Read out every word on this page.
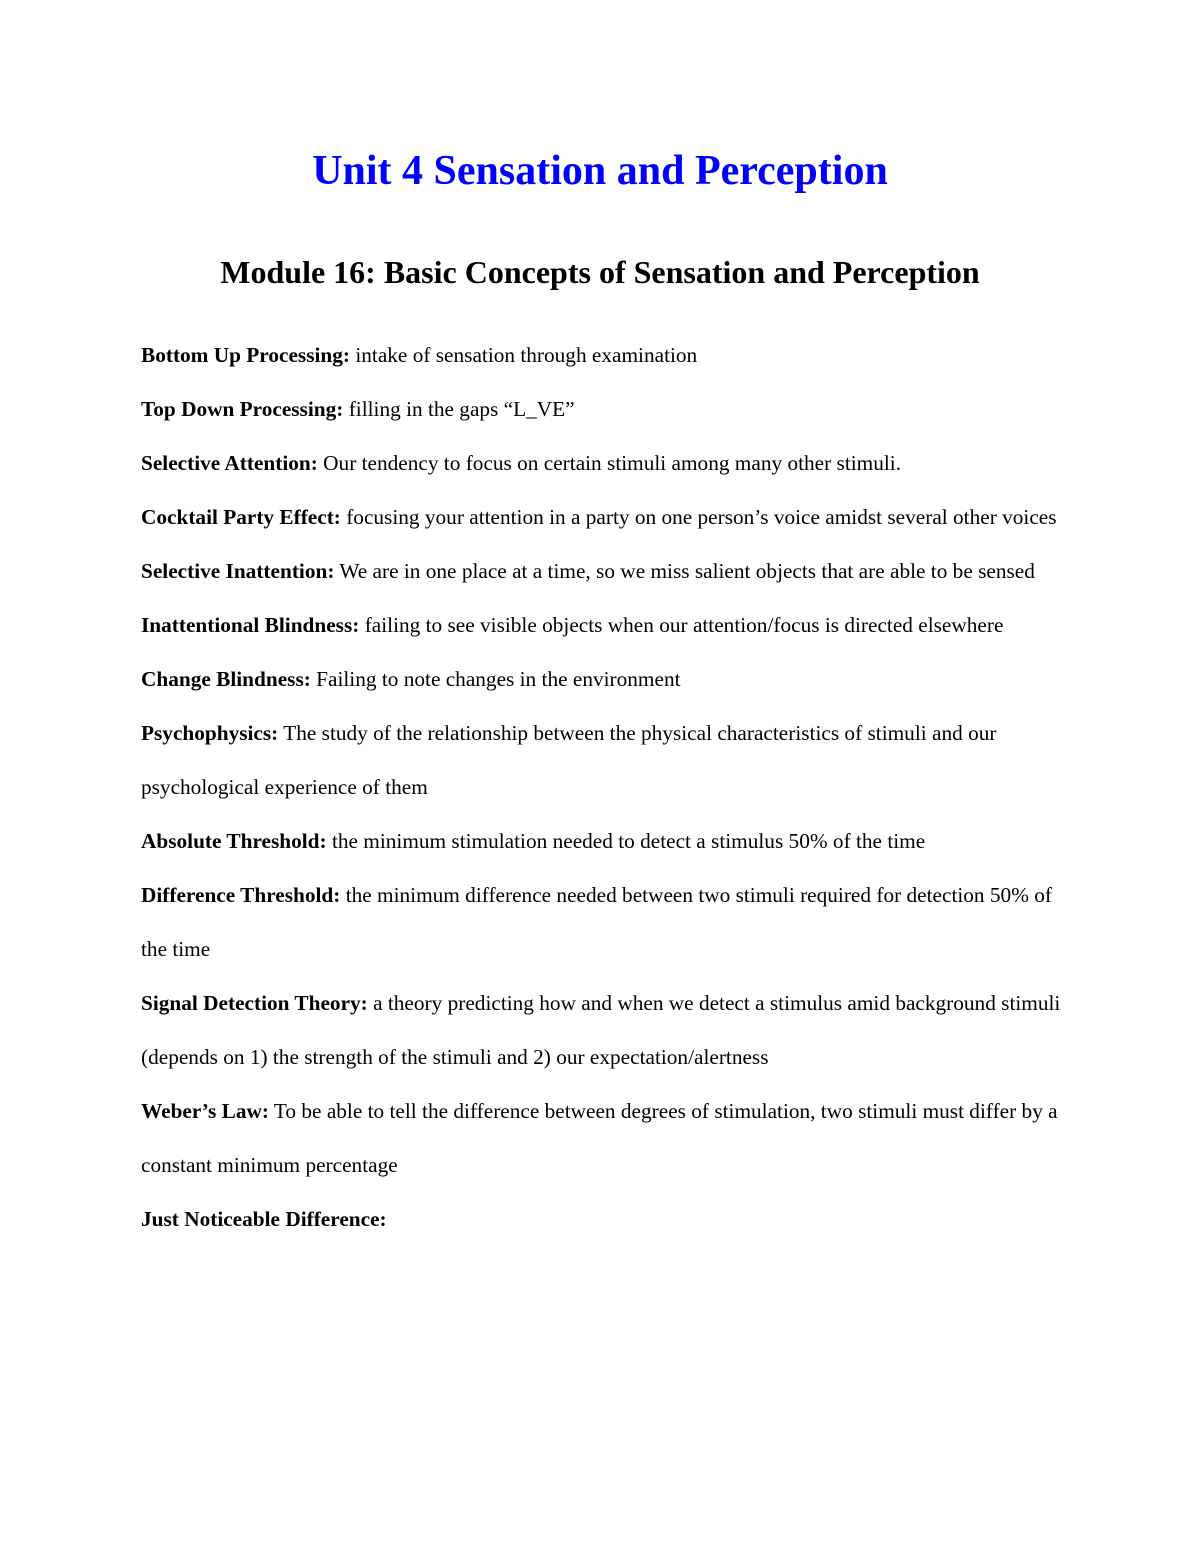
Unit 4 Sensation and Perception
Module 16: Basic Concepts of Sensation and Perception
Bottom Up Processing: intake of sensation through examination
Top Down Processing: filling in the gaps “L_VE”
Selective Attention: Our tendency to focus on certain stimuli among many other stimuli.
Cocktail Party Effect: focusing your attention in a party on one person’s voice amidst several other voices
Selective Inattention: We are in one place at a time, so we miss salient objects that are able to be sensed
Inattentional Blindness: failing to see visible objects when our attention/focus is directed elsewhere
Change Blindness: Failing to note changes in the environment
Psychophysics: The study of the relationship between the physical characteristics of stimuli and our psychological experience of them
Absolute Threshold: the minimum stimulation needed to detect a stimulus 50% of the time
Difference Threshold: the minimum difference needed between two stimuli required for detection 50% of the time
Signal Detection Theory: a theory predicting how and when we detect a stimulus amid background stimuli (depends on 1) the strength of the stimuli and 2) our expectation/alertness
Weber’s Law: To be able to tell the difference between degrees of stimulation, two stimuli must differ by a constant minimum percentage
Just Noticeable Difference:
